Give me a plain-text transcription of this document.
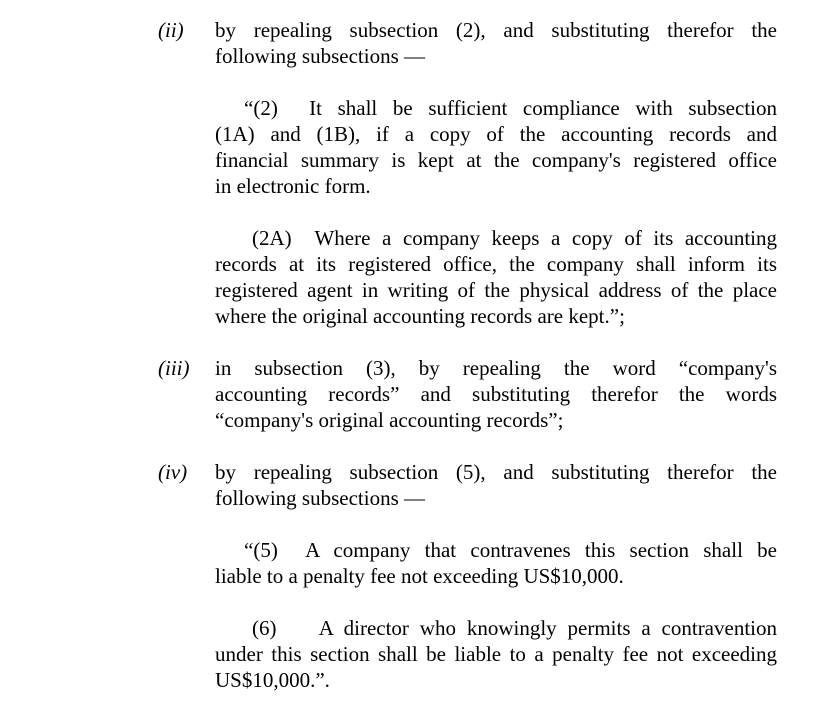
(ii)	by repealing subsection (2), and substituting therefor the
following subsections —
“(2)  It shall be sufficient compliance with subsection
(1A) and (1B), if a copy of the accounting records and
financial summary is kept at the company's registered office
in electronic form.
(2A)  Where a company keeps a copy of its accounting
records at its registered office, the company shall inform its
registered agent in writing of the physical address of the place
where the original accounting records are kept.”;
(iii)	in subsection (3), by repealing the word “company's
accounting records” and substituting therefor the words
“company's original accounting records”;
(iv)	by repealing subsection (5), and substituting therefor the
following subsections —
“(5)  A company that contravenes this section shall be
liable to a penalty fee not exceeding US$10,000.
(6)    A director who knowingly permits a contravention
under this section shall be liable to a penalty fee not exceeding
US$10,000.”.
